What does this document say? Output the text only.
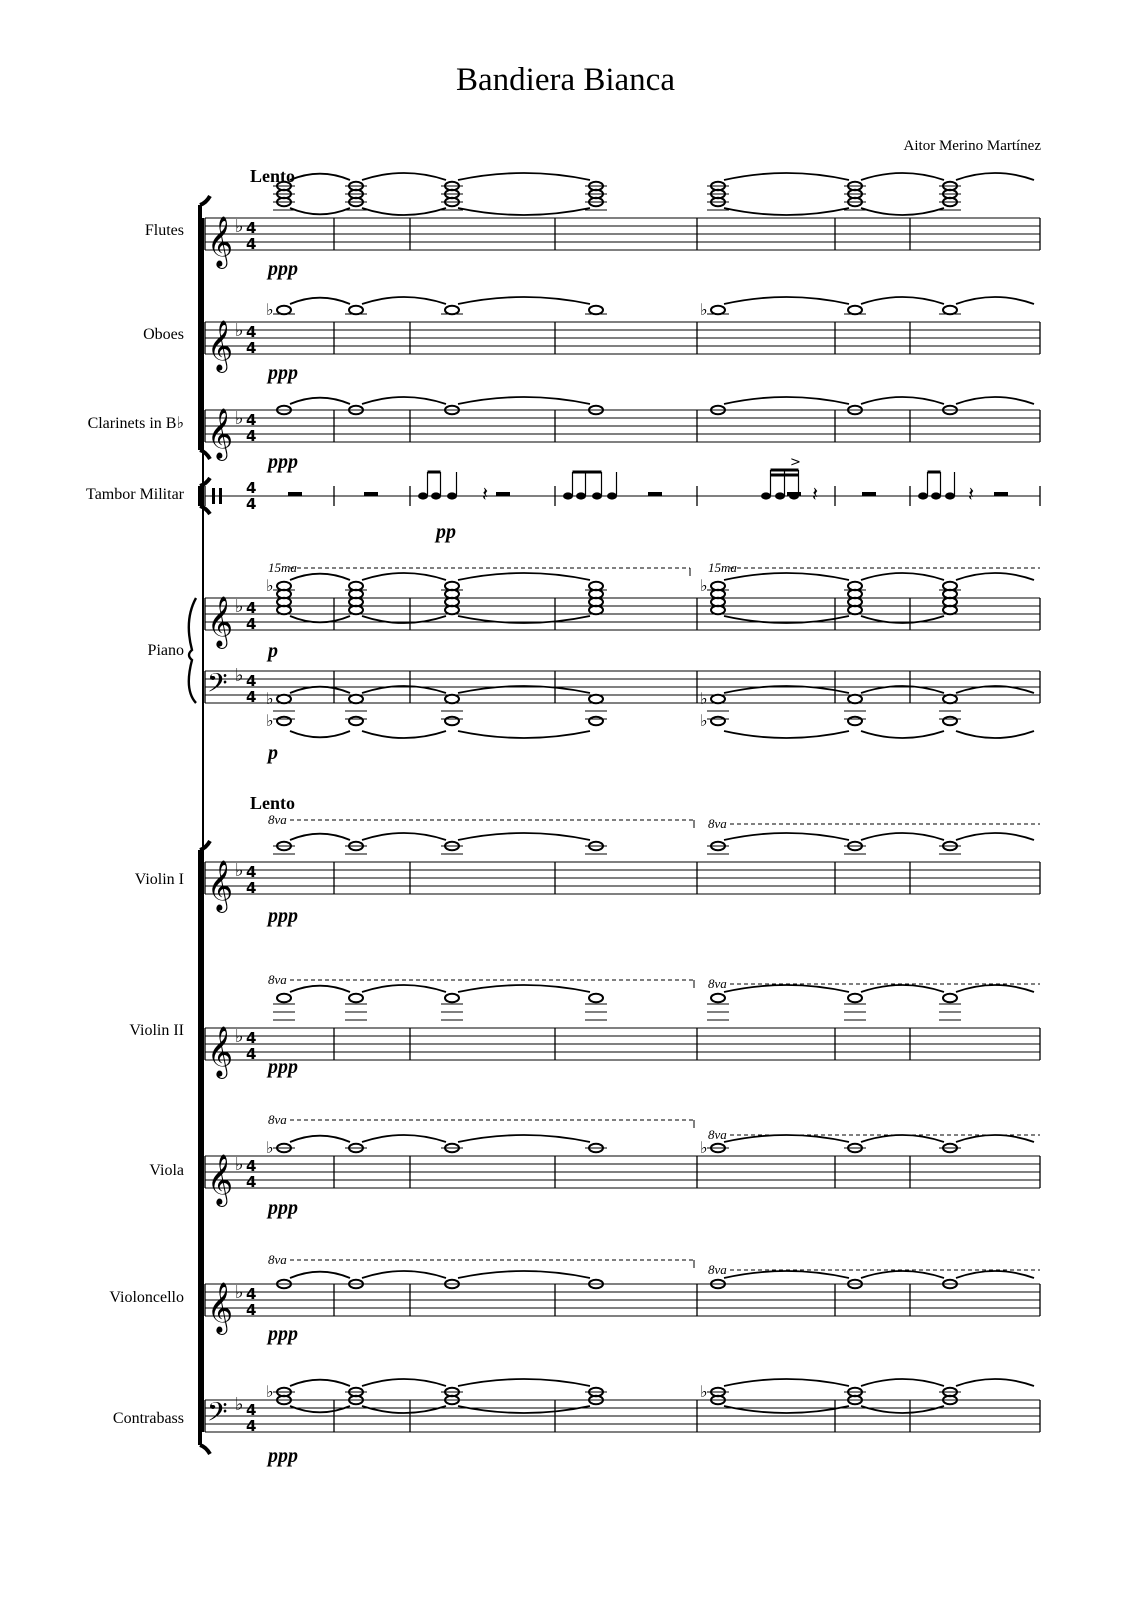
Bandiera Bianca
Aitor Merino Martínez
Lento
Lento
Flutes
Oboes
Clarinets in B♭
Tambor Militar
Piano
Violin I
Violin II
Viola
Violoncello
Contrabass
ppp
ppp
ppp
pp
p
p
ppp
ppp
ppp
ppp
ppp
15ma	15ma
8va	8va
8va	8va
8va
8va
8va
8va
𝄞 ♭ 4
4
𝄞 ♭ 4
4
♭	♭
𝄞 ♭ 4
4
4
4	𝄽
>
𝄽	𝄽
𝄞 ♭ 4
4
♭	♭
𝄢 ♭ 4
4 ♭	♭
♭	♭
𝄞 ♭ 4
4
𝄞 ♭ 4
4
𝄞 ♭ 4
4
♭	♭
𝄞 ♭ 4
4
𝄢 ♭ 4
4
♭	♭
